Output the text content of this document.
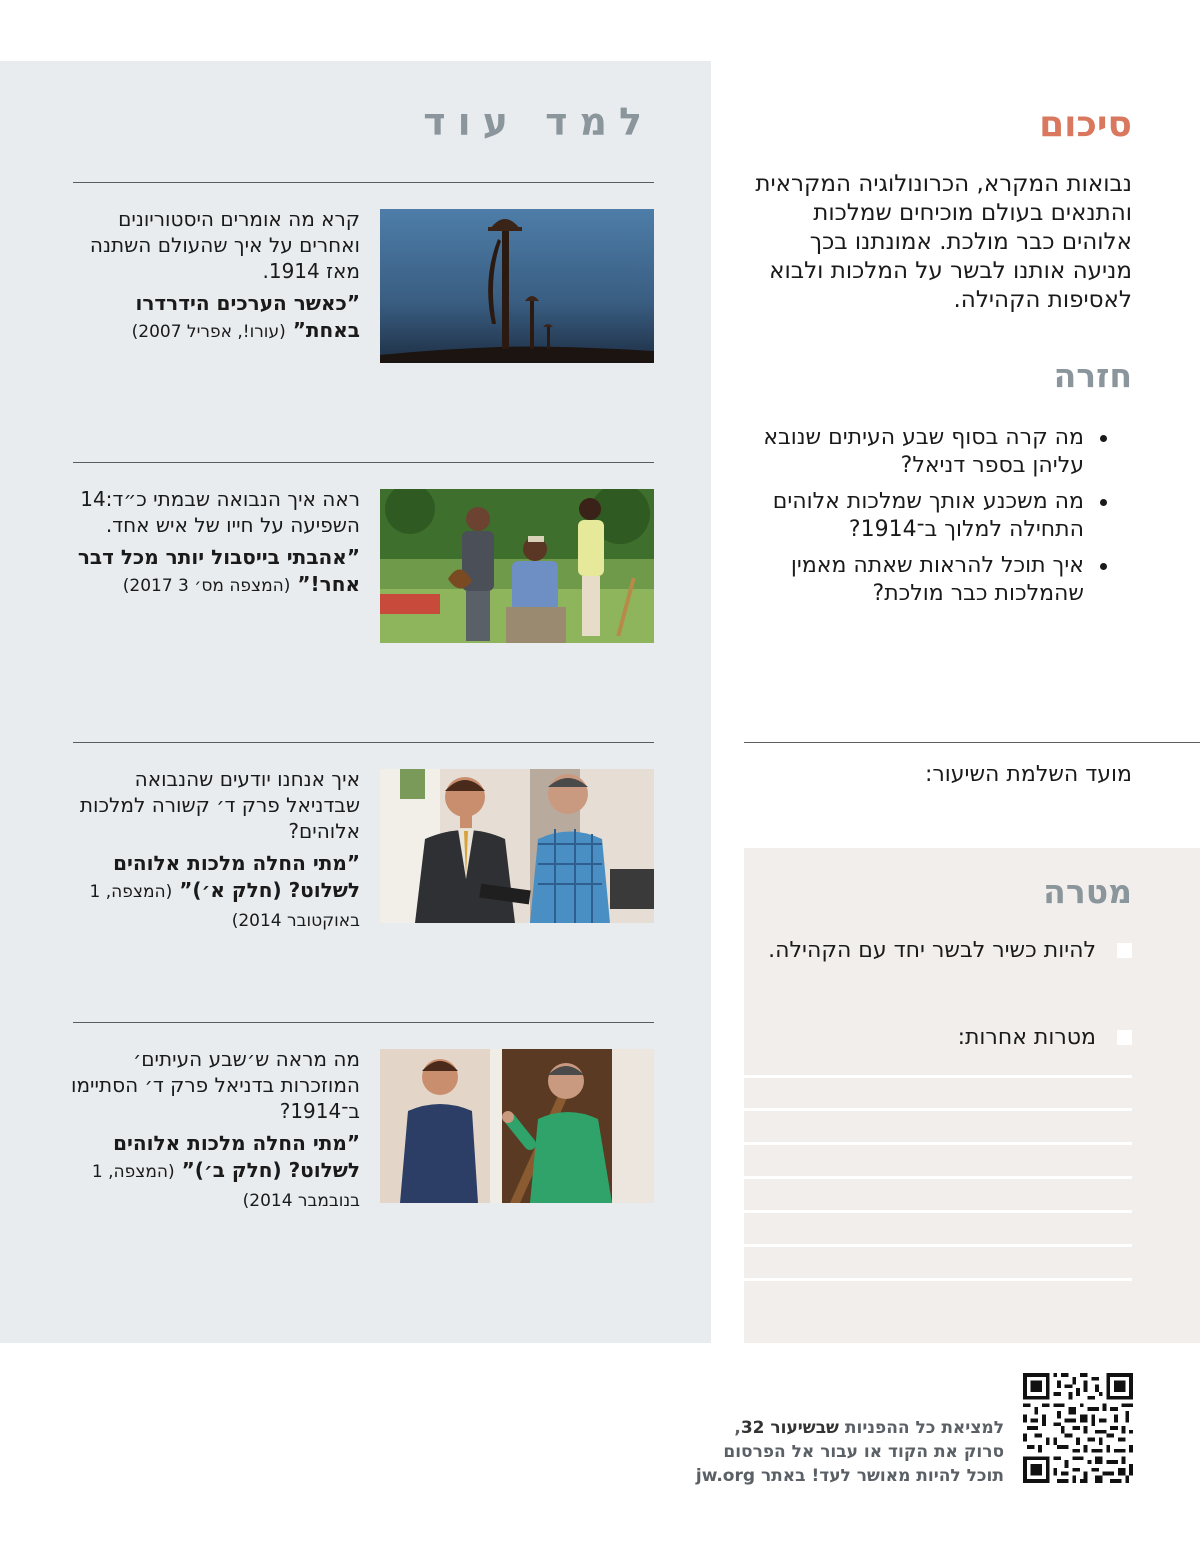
למד עוד

קרא מה אומרים היסטוריונים ואחרים על איך שהעולם השתנה מאז 1914.

”כאשר הערכים הידרדרו באחת” (עורו!, אפריל 2007)

ראה איך הנבואה שבמתי כ״ד:14 השפיעה על חייו של איש אחד.

”אהבתי בייסבול יותר מכל דבר אחר!” (המצפה מס׳ 3 2017)

איך אנחנו יודעים שהנבואה שבדניאל פרק ד׳ קשורה למלכות אלוהים?

”מתי החלה מלכות אלוהים לשלוט? (חלק א׳)” (המצפה, 1 באוקטובר 2014)

מה מראה ש׳שבע העיתים׳ המוזכרות בדניאל פרק ד׳ הסתיימו ב־1914?

”מתי החלה מלכות אלוהים לשלוט? (חלק ב׳)” (המצפה, 1 בנובמבר 2014)

סיכום

נבואות המקרא, הכרונולוגיה המקראית והתנאים בעולם מוכיחים שמלכות אלוהים כבר מולכת. אמונתנו בכך מניעה אותנו לבשר על המלכות ולבוא לאסיפות הקהילה.

חזרה
מה קרה בסוף שבע העיתים שנובא עליהן בספר דניאל?
מה משכנע אותך שמלכות אלוהים התחילה למלוך ב־1914?
איך תוכל להראות שאתה מאמין שהמלכות כבר מולכת?
מועד השלמת השיעור:
מטרה
להיות כשיר לבשר יחד עם הקהילה.
מטרות אחרות:
למציאת כל ההפניות שבשיעור 32,
סרוק את הקוד או עבור אל הפרסום
תוכל להיות מאושר לעד! באתר jw.org
